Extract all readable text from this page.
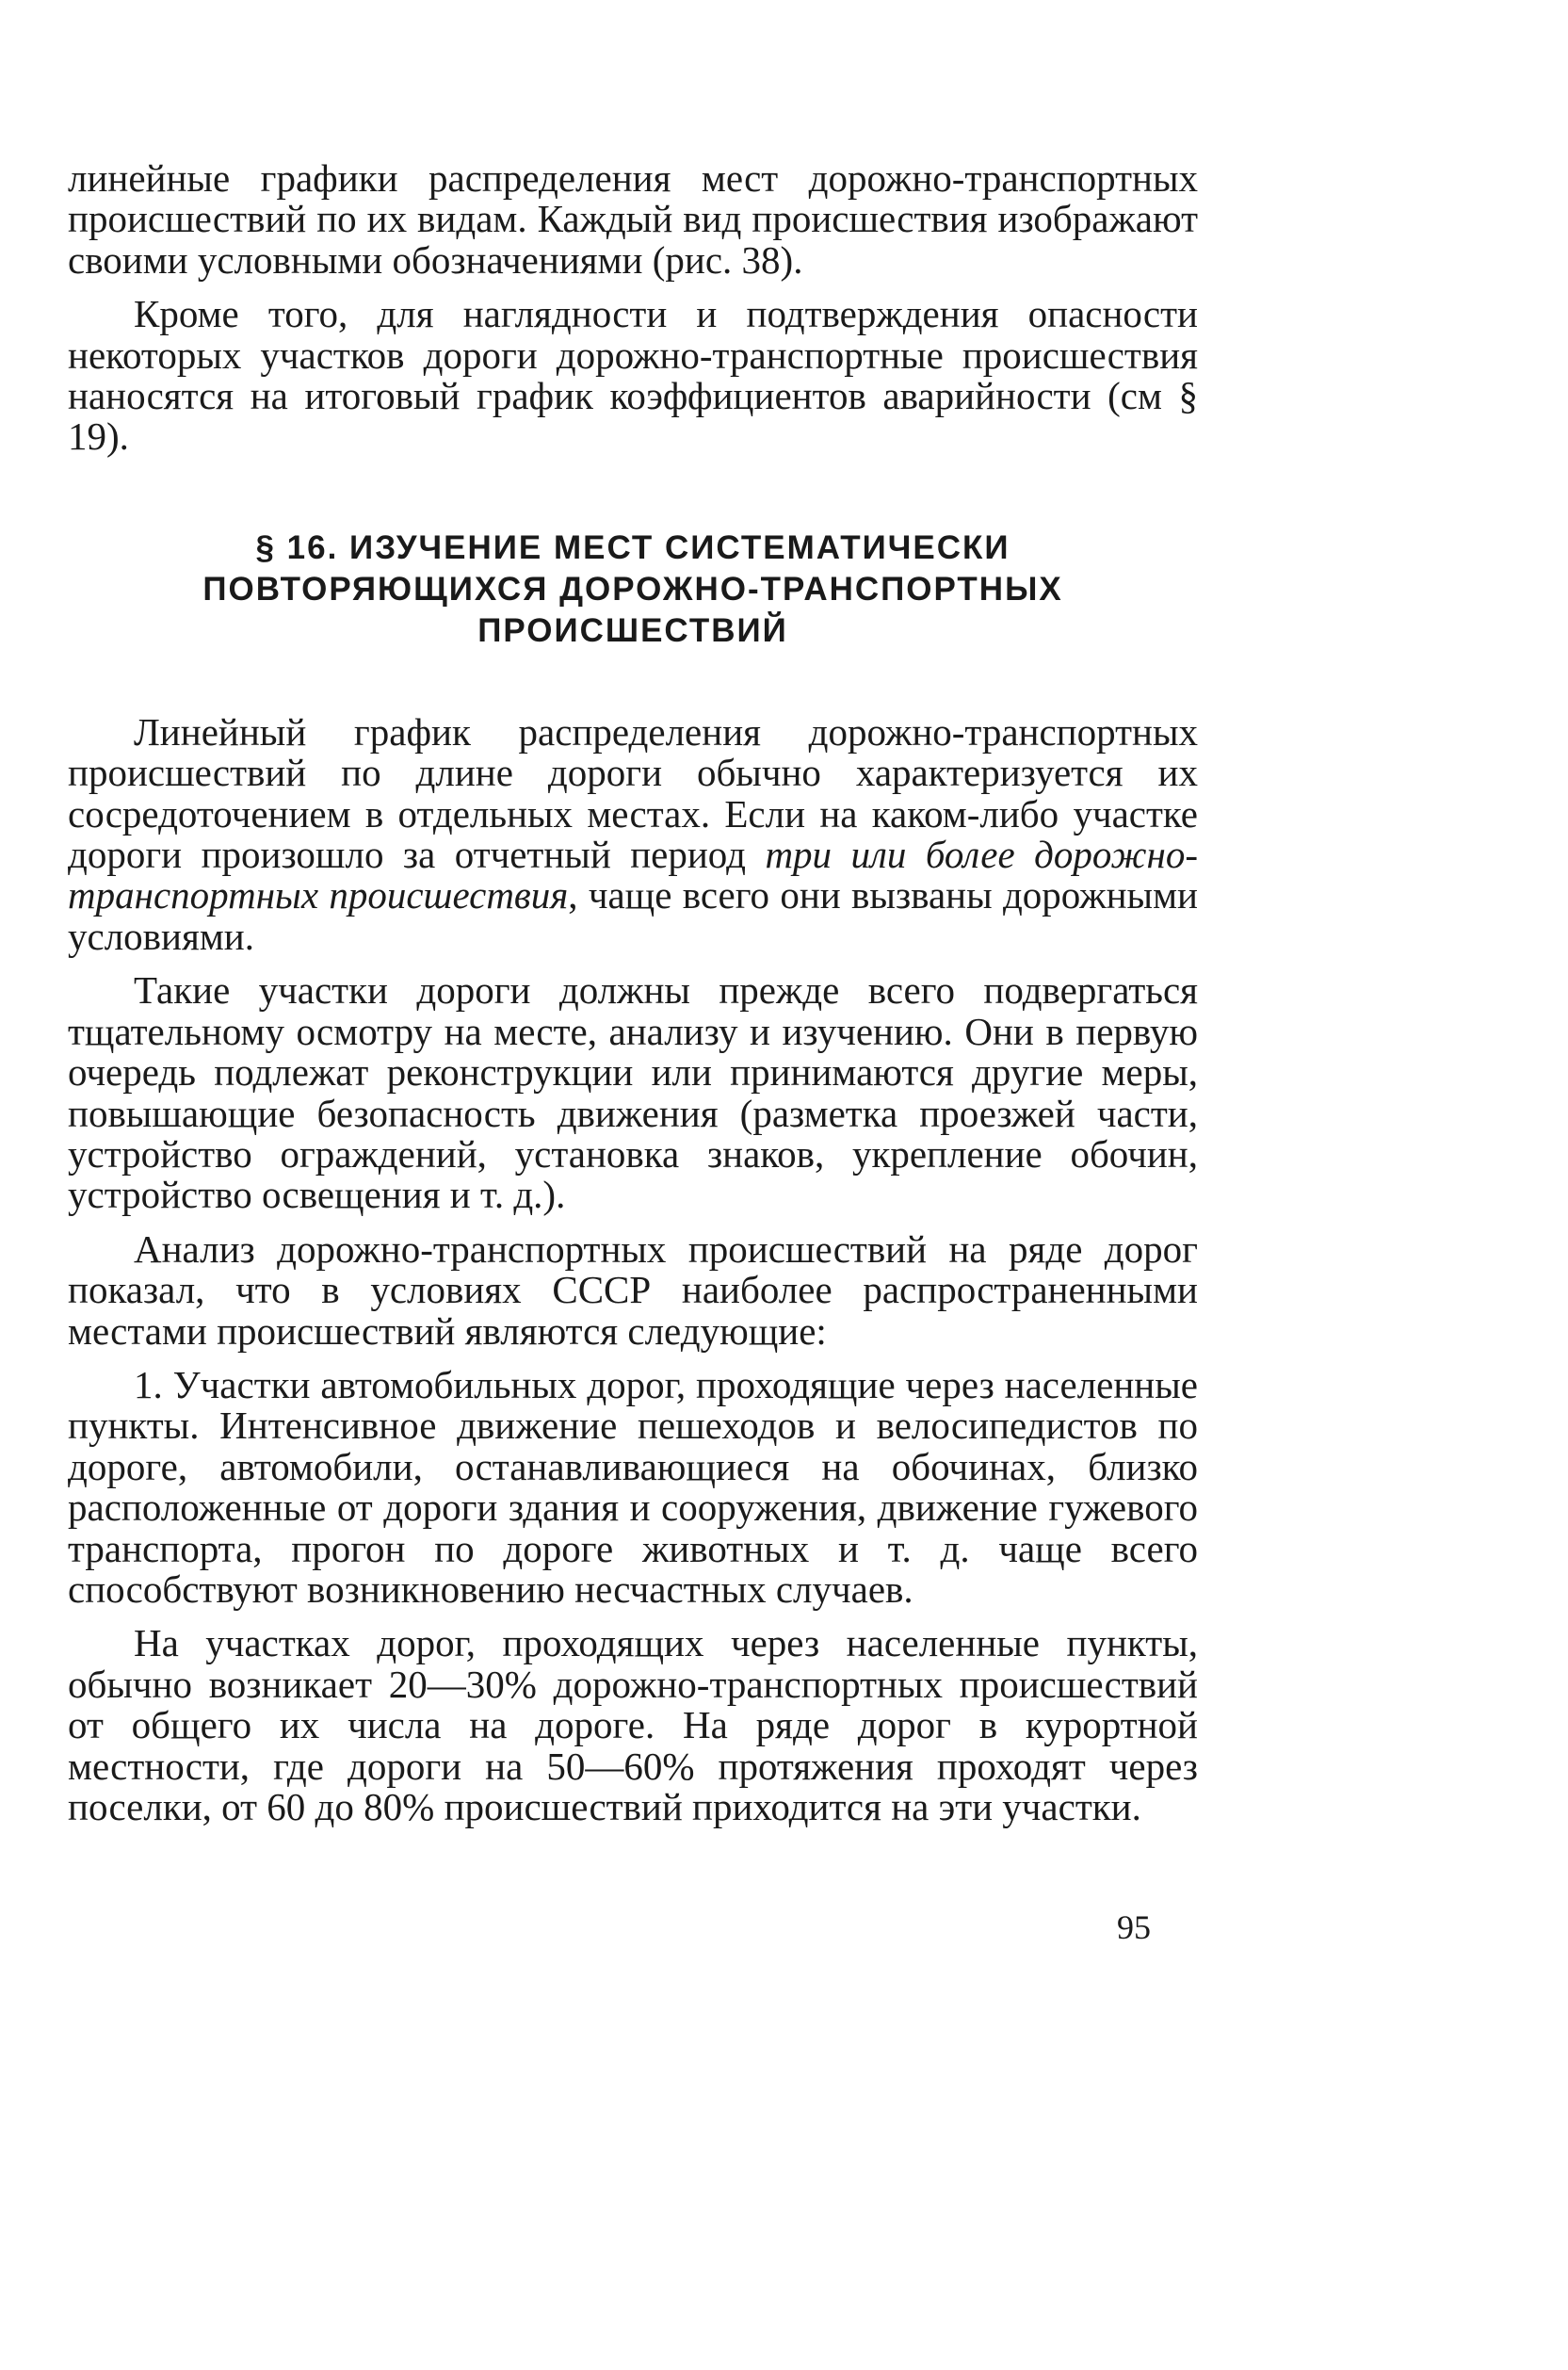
линейные графики распределения мест дорожно-транспортных происшествий по их видам. Каждый вид происшествия изображают своими условными обозначениями (рис. 38).

Кроме того, для наглядности и подтверждения опасности некоторых участков дороги дорожно-транспортные происшествия наносятся на итоговый график коэффициентов аварийности (см § 19).

§ 16. ИЗУЧЕНИЕ МЕСТ СИСТЕМАТИЧЕСКИ
ПОВТОРЯЮЩИХСЯ ДОРОЖНО-ТРАНСПОРТНЫХ
ПРОИСШЕСТВИЙ

Линейный график распределения дорожно-транспортных происшествий по длине дороги обычно характеризуется их сосредоточением в отдельных местах. Если на каком-либо участке дороги произошло за отчетный период три или более дорожно-транспортных происшествия, чаще всего они вызваны дорожными условиями.

Такие участки дороги должны прежде всего подвергаться тщательному осмотру на месте, анализу и изучению. Они в первую очередь подлежат реконструкции или принимаются другие меры, повышающие безопасность движения (разметка проезжей части, устройство ограждений, установка знаков, укрепление обочин, устройство освещения и т. д.).

Анализ дорожно-транспортных происшествий на ряде дорог показал, что в условиях СССР наиболее распространенными местами происшествий являются следующие:

1. Участки автомобильных дорог, проходящие через населенные пункты. Интенсивное движение пешеходов и велосипедистов по дороге, автомобили, останавливающиеся на обочинах, близко расположенные от дороги здания и сооружения, движение гужевого транспорта, прогон по дороге животных и т. д. чаще всего способствуют возникновению несчастных случаев.

На участках дорог, проходящих через населенные пункты, обычно возникает 20—30% дорожно-транспортных происшествий от общего их числа на дороге. На ряде дорог в курортной местности, где дороги на 50—60% протяжения проходят через поселки, от 60 до 80% происшествий приходится на эти участки.

95
